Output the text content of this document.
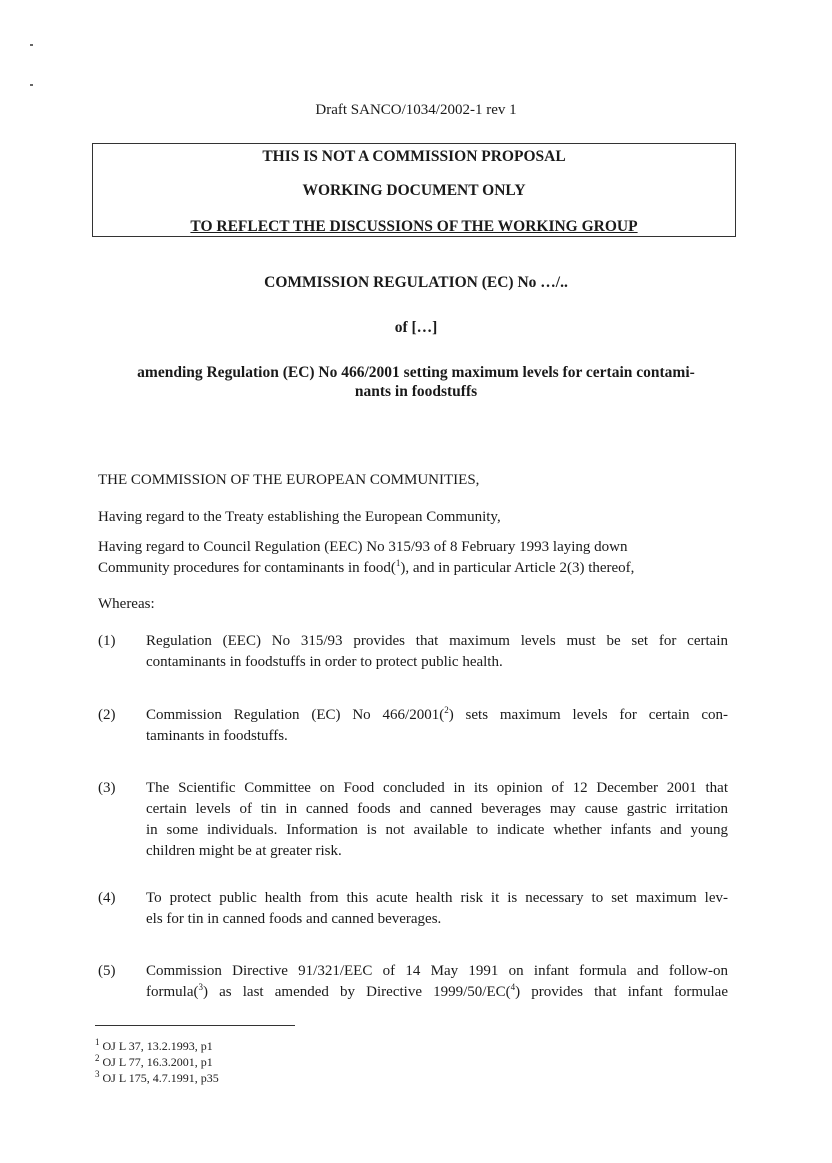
Draft SANCO/1034/2002-1 rev 1
THIS IS NOT A COMMISSION PROPOSAL
WORKING DOCUMENT ONLY
TO REFLECT THE DISCUSSIONS OF THE WORKING GROUP
COMMISSION REGULATION (EC) No …/..
of […]
amending Regulation (EC) No 466/2001 setting maximum levels for certain contami-
nants in foodstuffs
THE COMMISSION OF THE EUROPEAN COMMUNITIES,
Having regard to the Treaty establishing the European Community,
Having regard to Council Regulation (EEC) No 315/93 of 8 February 1993 laying down
Community procedures for contaminants in food($^1$), and in particular Article 2(3) thereof,
Whereas:
(1)	Regulation (EEC) No 315/93 provides that maximum levels must be set for certain
contaminants in foodstuffs in order to protect public health.
(2)	Commission Regulation (EC) No 466/2001($^2$) sets maximum levels for certain con-
taminants in foodstuffs.
(3)	The Scientific Committee on Food concluded in its opinion of 12 December 2001 that
certain levels of tin in canned foods and canned beverages may cause gastric irritation
in some individuals. Information is not available to indicate whether infants and young
children might be at greater risk.
(4)	To protect public health from this acute health risk it is necessary to set maximum lev-
els for tin in canned foods and canned beverages.
(5)	Commission Directive 91/321/EEC of 14 May 1991 on infant formula and follow-on
formula($^3$) as last amended by Directive 1999/50/EC($^4$) provides that infant formulae
$^1$ OJ L 37, 13.2.1993, p1
$^2$ OJ L 77, 16.3.2001, p1
$^3$ OJ L 175, 4.7.1991, p35
